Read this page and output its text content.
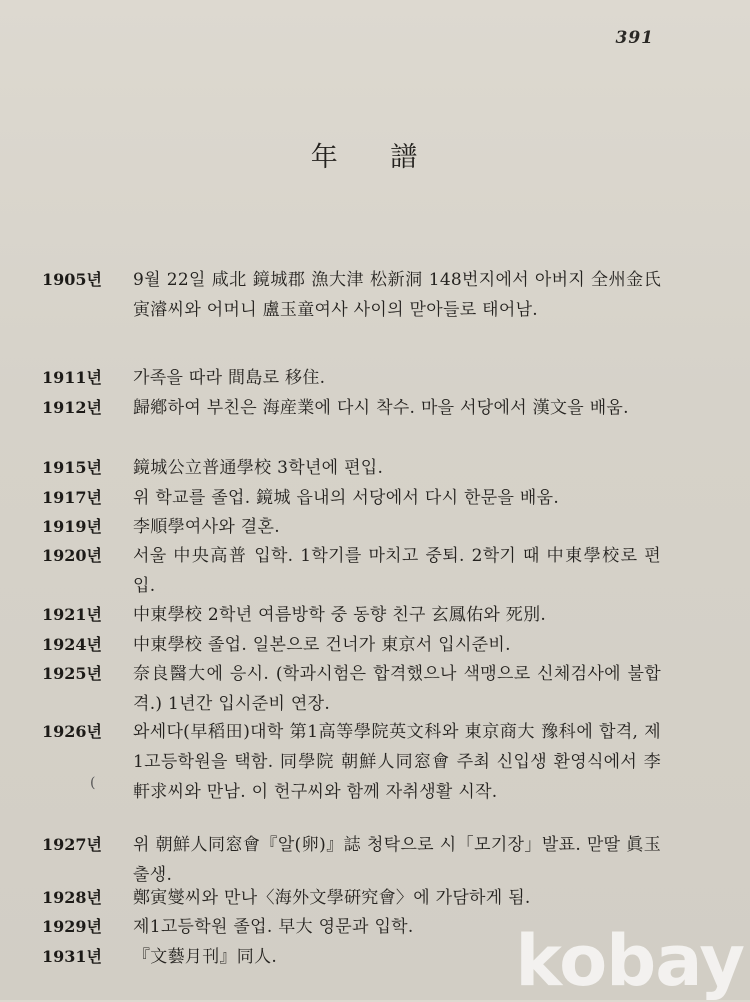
391
年 譜
1905년	9월 22일 咸北 鏡城郡 漁大津 松新洞 148번지에서 아버지 全州金氏 寅濬씨와 어머니 盧玉童여사 사이의 맏아들로 태어남.
1911년	가족을 따라 間島로 移住.
1912년	歸鄕하여 부친은 海産業에 다시 착수. 마을 서당에서 漢文을 배움.
1915년	鏡城公立普通學校 3학년에 편입.
1917년	위 학교를 졸업. 鏡城 읍내의 서당에서 다시 한문을 배움.
1919년	李順學여사와 결혼.
1920년	서울 中央高普 입학. 1학기를 마치고 중퇴. 2학기 때 中東學校로 편입.
1921년	中東學校 2학년 여름방학 중 동향 친구 玄鳳佑와 死別.
1924년	中東學校 졸업. 일본으로 건너가 東京서 입시준비.
1925년	奈良醫大에 응시. (학과시험은 합격했으나 색맹으로 신체검사에 불합격.) 1년간 입시준비 연장.
1926년	와세다(早稻田)대학 第1高等學院英文科와 東京商大 豫科에 합격, 제1고등학원을 택함. 同學院 朝鮮人同窓會 주최 신입생 환영식에서 李軒求씨와 만남. 이 헌구씨와 함께 자취생활 시작.
1927년	위 朝鮮人同窓會『알(卵)』誌 청탁으로 시「모기장」발표. 맏딸 眞玉 출생.
1928년	鄭寅燮씨와 만나〈海外文學硏究會〉에 가담하게 됨.
1929년	제1고등학원 졸업. 早大 영문과 입학.
1931년	『文藝月刊』同人.
(
kobay
